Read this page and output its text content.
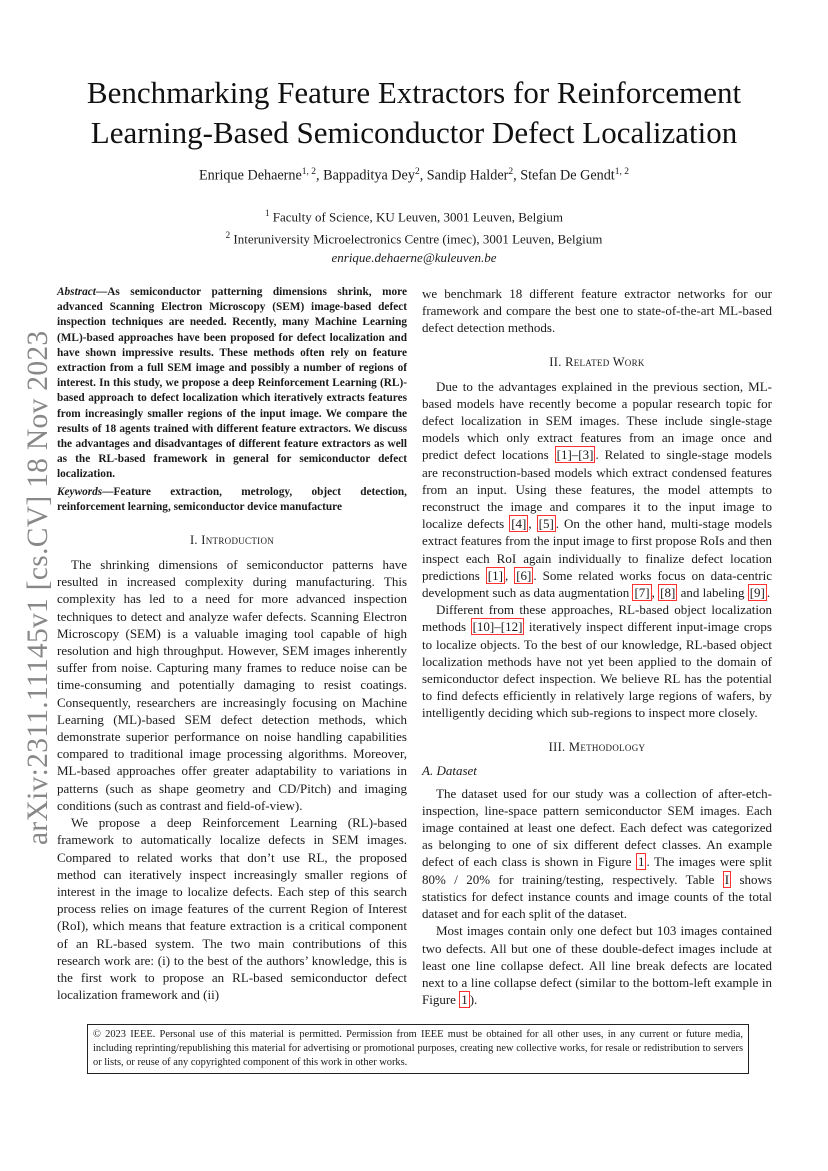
arXiv:2311.11145v1 [cs.CV] 18 Nov 2023
Benchmarking Feature Extractors for Reinforcement
Learning-Based Semiconductor Defect Localization
Enrique Dehaerne$^{1, 2}$, Bappaditya Dey$^2$, Sandip Halder$^2$, Stefan De Gendt$^{1, 2}$
$^1$ Faculty of Science, KU Leuven, 3001 Leuven, Belgium
$^2$ Interuniversity Microelectronics Centre (imec), 3001 Leuven, Belgium
enrique.dehaerne@kuleuven.be

Abstract—As semiconductor patterning dimensions shrink, more advanced Scanning Electron Microscopy (SEM) image-based defect inspection techniques are needed. Recently, many Machine Learning (ML)-based approaches have been proposed for defect localization and have shown impressive results. These methods often rely on feature extraction from a full SEM image and possibly a number of regions of interest. In this study, we propose a deep Reinforcement Learning (RL)-based approach to defect localization which iteratively extracts features from increasingly smaller regions of the input image. We compare the results of 18 agents trained with different feature extractors. We discuss the advantages and disadvantages of different feature extractors as well as the RL-based framework in general for semiconductor defect localization.

Keywords—Feature extraction, metrology, object detection, reinforcement learning, semiconductor device manufacture

I. Introduction

The shrinking dimensions of semiconductor patterns have resulted in increased complexity during manufacturing. This complexity has led to a need for more advanced inspection techniques to detect and analyze wafer defects. Scanning Electron Microscopy (SEM) is a valuable imaging tool capable of high resolution and high throughput. However, SEM images inherently suffer from noise. Capturing many frames to reduce noise can be time-consuming and potentially damaging to resist coatings. Consequently, researchers are increasingly focusing on Machine Learning (ML)-based SEM defect detection methods, which demonstrate superior performance on noise handling capabilities compared to traditional image processing algorithms. Moreover, ML-based approaches offer greater adaptability to variations in patterns (such as shape geometry and CD/Pitch) and imaging conditions (such as contrast and field-of-view).

We propose a deep Reinforcement Learning (RL)-based framework to automatically localize defects in SEM images. Compared to related works that don’t use RL, the proposed method can iteratively inspect increasingly smaller regions of interest in the image to localize defects. Each step of this search process relies on image features of the current Region of Interest (RoI), which means that feature extraction is a critical component of an RL-based system. The two main contributions of this research work are: (i) to the best of the authors’ knowledge, this is the first work to propose an RL-based semiconductor defect localization framework and (ii)

we benchmark 18 different feature extractor networks for our framework and compare the best one to state-of-the-art ML-based defect detection methods.

II. Related Work

Due to the advantages explained in the previous section, ML-based models have recently become a popular research topic for defect localization in SEM images. These include single-stage models which only extract features from an image once and predict defect locations [1]–[3] . Related to single-stage models are reconstruction-based models which extract condensed features from an input. Using these features, the model attempts to reconstruct the image and compares it to the input image to localize defects [4] , [5] . On the other hand, multi-stage models extract features from the input image to first propose RoIs and then inspect each RoI again individually to finalize defect location predictions [1] , [6] . Some related works focus on data-centric development such as data augmentation [7] , [8] and labeling [9] .

Different from these approaches, RL-based object localization methods [10]–[12] iteratively inspect different input-image crops to localize objects. To the best of our knowledge, RL-based object localization methods have not yet been applied to the domain of semiconductor defect inspection. We believe RL has the potential to find defects efficiently in relatively large regions of wafers, by intelligently deciding which sub-regions to inspect more closely.

III. Methodology
A. Dataset

The dataset used for our study was a collection of after-etch-inspection, line-space pattern semiconductor SEM images. Each image contained at least one defect. Each defect was categorized as belonging to one of six different defect classes. An example defect of each class is shown in Figure 1 . The images were split 80% / 20% for training/testing, respectively. Table I shows statistics for defect instance counts and image counts of the total dataset and for each split of the dataset.

Most images contain only one defect but 103 images contained two defects. All but one of these double-defect images include at least one line collapse defect. All line break defects are located next to a line collapse defect (similar to the bottom-left example in Figure 1 ).

© 2023 IEEE. Personal use of this material is permitted. Permission from IEEE must be obtained for all other uses, in any current or future media, including reprinting/republishing this material for advertising or promotional purposes, creating new collective works, for resale or redistribution to servers or lists, or reuse of any copyrighted component of this work in other works.
